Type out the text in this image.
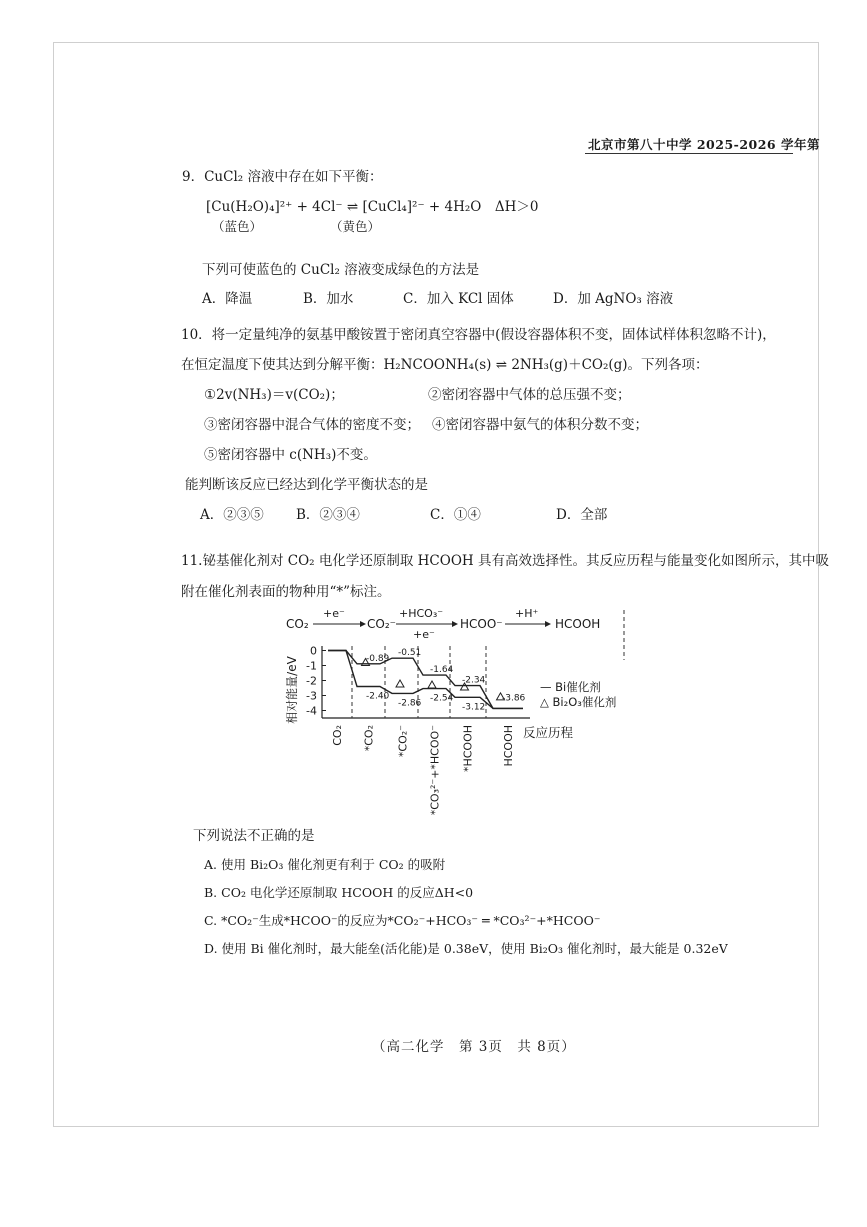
北京市第八十中学 2025-2026 学年第
9．CuCl₂ 溶液中存在如下平衡：
[Cu(H₂O)₄]²⁺ + 4Cl⁻ ⇌ [CuCl₄]²⁻ + 4H₂O　ΔH＞0
（蓝色）	（黄色）
下列可使蓝色的 CuCl₂ 溶液变成绿色的方法是
A．降温	B．加水	C．加入 KCl 固体	D．加 AgNO₃ 溶液
10．将一定量纯净的氨基甲酸铵置于密闭真空容器中(假设容器体积不变，固体试样体积忽略不计)，
在恒定温度下使其达到分解平衡：H₂NCOONH₄(s) ⇌ 2NH₃(g)＋CO₂(g)。下列各项：
①2v(NH₃)＝v(CO₂)；	②密闭容器中气体的总压强不变；
③密闭容器中混合气体的密度不变； ④密闭容器中氨气的体积分数不变；
⑤密闭容器中 c(NH₃)不变。
能判断该反应已经达到化学平衡状态的是
A．②③⑤ B．②③④	C．①④	D．全部
11.铋基催化剂对 CO₂ 电化学还原制取 HCOOH 具有高效选择性。其反应历程与能量变化如图所示，其中吸
附在催化剂表面的物种用“*”标注。
CO₂
+e⁻
CO₂⁻
+HCO₃⁻
+e⁻
HCOO⁻
+H⁺
HCOOH
相对能量/eV
反应历程
0
-1
-2
-3
-4
CO₂ *CO₂ *CO₂⁻ *CO₃²⁻+*HCOO⁻ *HCOOH	HCOOH
-0.89
-2.40
-0.51
-2.86
-1.64
-2.54
-2.34
-3.12
-3.86
— Bi催化剂
△ Bi₂O₃催化剂
下列说法不正确的是
A. 使用 Bi₂O₃ 催化剂更有利于 CO₂ 的吸附
B. CO₂ 电化学还原制取 HCOOH 的反应ΔH<0
C. *CO₂⁻生成*HCOO⁻的反应为*CO₂⁻+HCO₃⁻ ═ *CO₃²⁻+*HCOO⁻
D. 使用 Bi 催化剂时，最大能垒(活化能)是 0.38eV，使用 Bi₂O₃ 催化剂时，最大能是 0.32eV
（高二化学　第 3页　共 8页）
